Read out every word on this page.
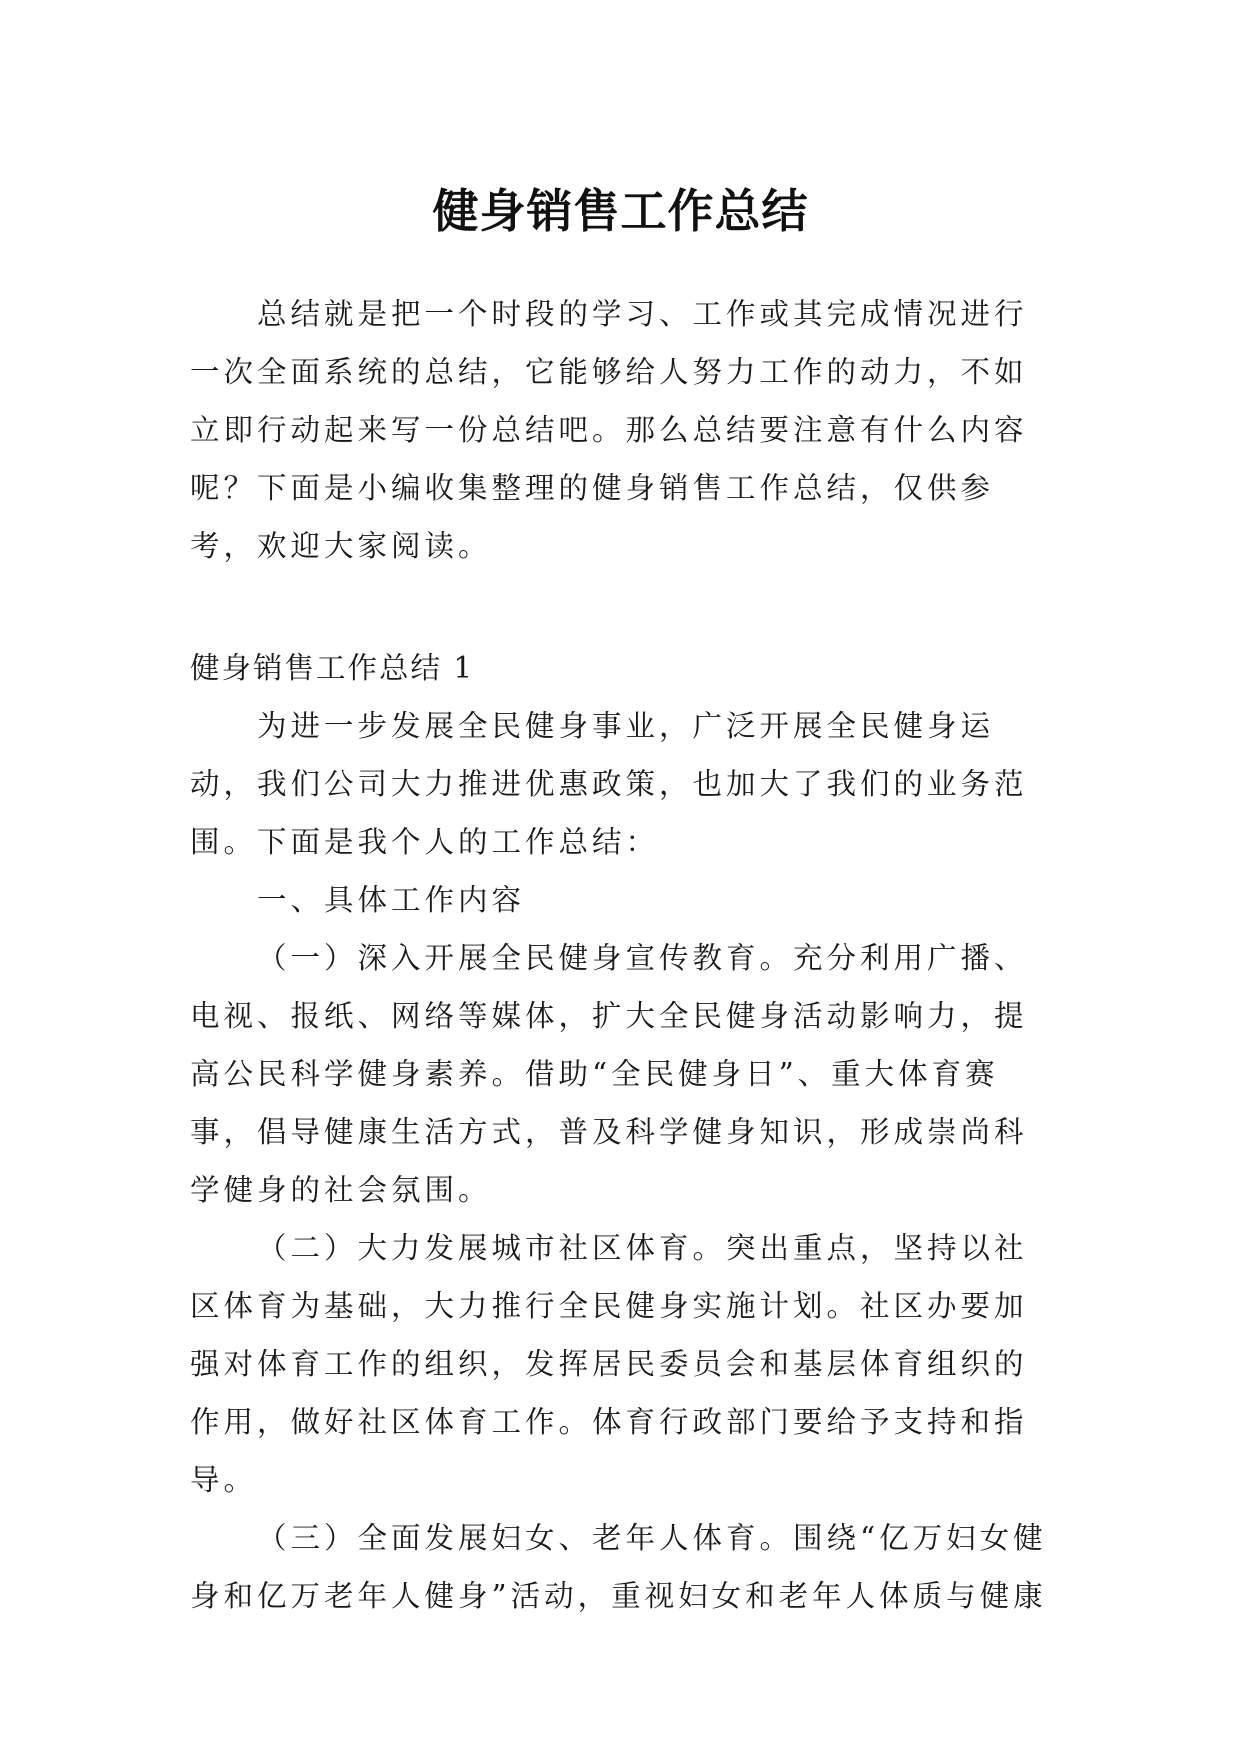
健身销售工作总结

总结就是把一个时段的学习、工作或其完成情况进行一次全面系统的总结，它能够给人努力工作的动力，不如立即行动起来写一份总结吧。那么总结要注意有什么内容呢？下面是小编收集整理的健身销售工作总结，仅供参考，欢迎大家阅读。

健身销售工作总结 1

为进一步发展全民健身事业，广泛开展全民健身运动，我们公司大力推进优惠政策，也加大了我们的业务范围。下面是我个人的工作总结：

一、具体工作内容

（一）深入开展全民健身宣传教育。充分利用广播、电视、报纸、网络等媒体，扩大全民健身活动影响力，提高公民科学健身素养。借助“全民健身日”、重大体育赛事，倡导健康生活方式，普及科学健身知识，形成崇尚科学健身的社会氛围。

（二）大力发展城市社区体育。突出重点，坚持以社区体育为基础，大力推行全民健身实施计划。社区办要加强对体育工作的组织，发挥居民委员会和基层体育组织的作用，做好社区体育工作。体育行政部门要给予支持和指导。

（三）全面发展妇女、老年人体育。围绕“亿万妇女健身和亿万老年人健身”活动，重视妇女和老年人体质与健康
